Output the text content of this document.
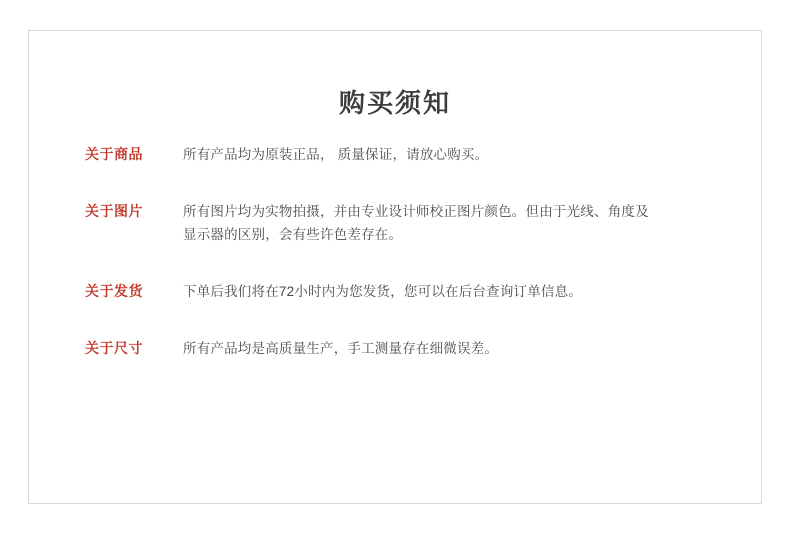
购买须知
关于商品	所有产品均为原装正品， 质量保证，请放心购买。
关于图片	所有图片均为实物拍摄，并由专业设计师校正图片颜色。但由于光线、角度及显示器的区别，会有些许色差存在。
关于发货	下单后我们将在72小时内为您发货，您可以在后台查询订单信息。
关于尺寸	所有产品均是高质量生产，手工测量存在细微误差。
